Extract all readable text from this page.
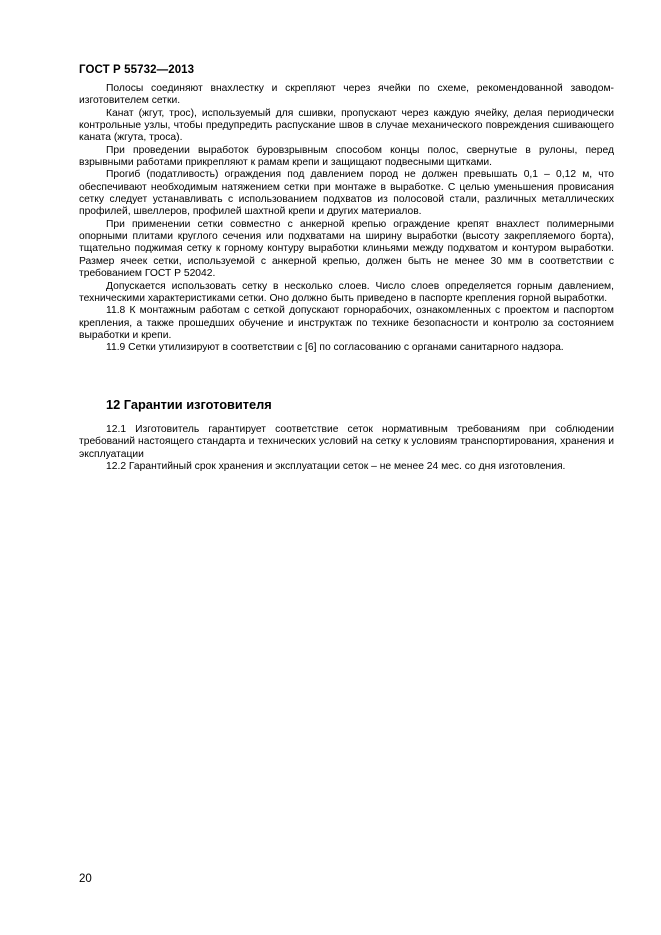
ГОСТ Р 55732—2013

Полосы соединяют внахлестку и скрепляют через ячейки по схеме, рекомендованной заводом-изготовителем сетки.

Канат (жгут, трос), используемый для сшивки, пропускают через каждую ячейку, делая периодически контрольные узлы, чтобы предупредить распускание швов в случае механического повреждения сшивающего каната (жгута, троса).

При проведении выработок буровзрывным способом концы полос, свернутые в рулоны, перед взрывными работами прикрепляют к рамам крепи и защищают подвесными щитками.

Прогиб (податливость) ограждения под давлением пород не должен превышать 0,1 – 0,12 м, что обеспечивают необходимым натяжением сетки при монтаже в выработке. С целью уменьшения провисания сетку следует устанавливать с использованием подхватов из полосовой стали, различных металлических профилей, швеллеров, профилей шахтной крепи и других материалов.

При применении сетки совместно с анкерной крепью ограждение крепят внахлест полимерными опорными плитами круглого сечения или подхватами на ширину выработки (высоту закрепляемого борта), тщательно поджимая сетку к горному контуру выработки клиньями между подхватом и контуром выработки. Размер ячеек сетки, используемой с анкерной крепью, должен быть не менее 30 мм в соответствии с требованием ГОСТ Р 52042.

Допускается использовать сетку в несколько слоев. Число слоев определяется горным давлением, техническими характеристиками сетки. Оно должно быть приведено в паспорте крепления горной выработки.

11.8 К монтажным работам с сеткой допускают горнорабочих, ознакомленных с проектом и паспортом крепления, а также прошедших обучение и инструктаж по технике безопасности и контролю за состоянием выработки и крепи.

11.9 Сетки утилизируют в соответствии с [6] по согласованию с органами санитарного надзора.

12 Гарантии изготовителя

12.1 Изготовитель гарантирует соответствие сеток нормативным требованиям при соблюдении требований настоящего стандарта и технических условий на сетку к условиям транспортирования, хранения и эксплуатации

12.2 Гарантийный срок хранения и эксплуатации сеток – не менее 24 мес. со дня изготовления.

20
